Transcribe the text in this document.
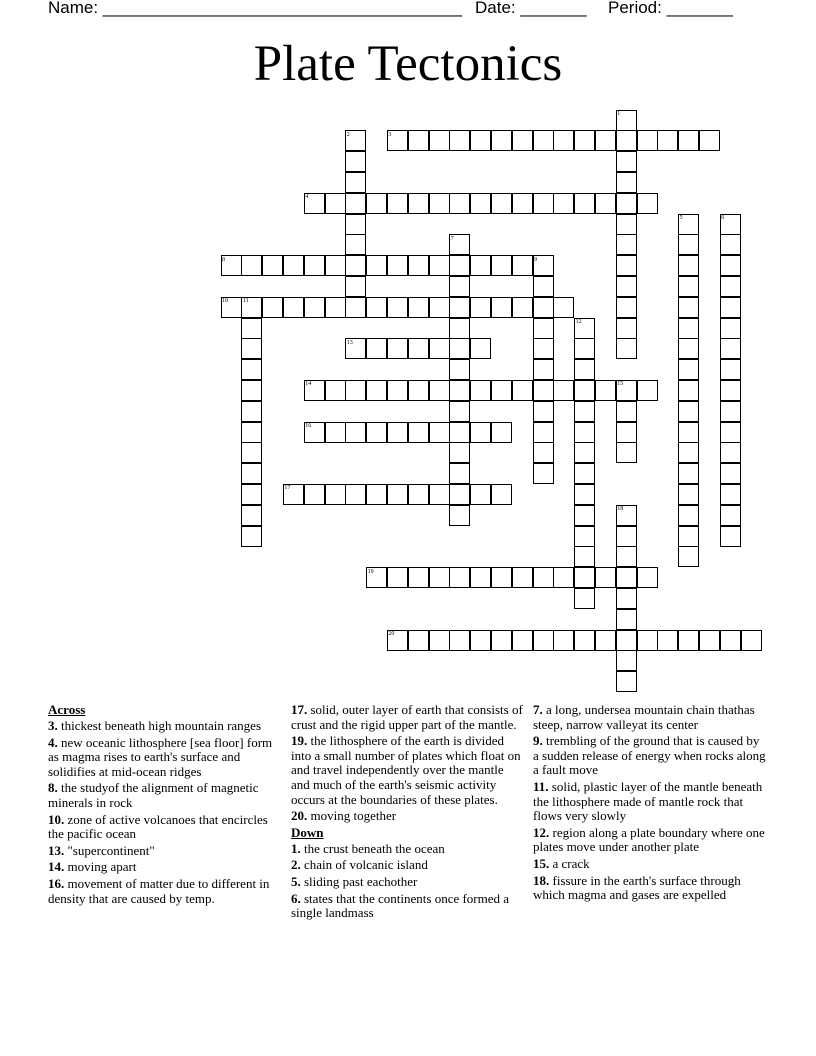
Name: ______________________________________ Date: _______ Period: _______
Plate Tectonics
3
4
8
10
13
14
16
17
19
20
1
2
5	6
7
9
11
12
15
18
Across
3. thickest beneath high mountain ranges
4. new oceanic lithosphere [sea floor] form as magma rises to earth's surface and solidifies at mid-ocean ridges
8. the studyof the alignment of magnetic minerals in rock
10. zone of active volcanoes that encircles the pacific ocean
13. "supercontinent"
14. moving apart
16. movement of matter due to different in density that are caused by temp.
17. solid, outer layer of earth that consists of crust and the rigid upper part of the mantle.
19. the lithosphere of the earth is divided into a small number of plates which float on and travel independently over the mantle and much of the earth's seismic activity occurs at the boundaries of these plates.
20. moving together
Down
1. the crust beneath the ocean
2. chain of volcanic island
5. sliding past eachother
6. states that the continents once formed a single landmass
7. a long, undersea mountain chain thathas steep, narrow valleyat its center
9. trembling of the ground that is caused by a sudden release of energy when rocks along a fault move
11. solid, plastic layer of the mantle beneath the lithosphere made of mantle rock that flows very slowly
12. region along a plate boundary where one plates move under another plate
15. a crack
18. fissure in the earth's surface through which magma and gases are expelled
